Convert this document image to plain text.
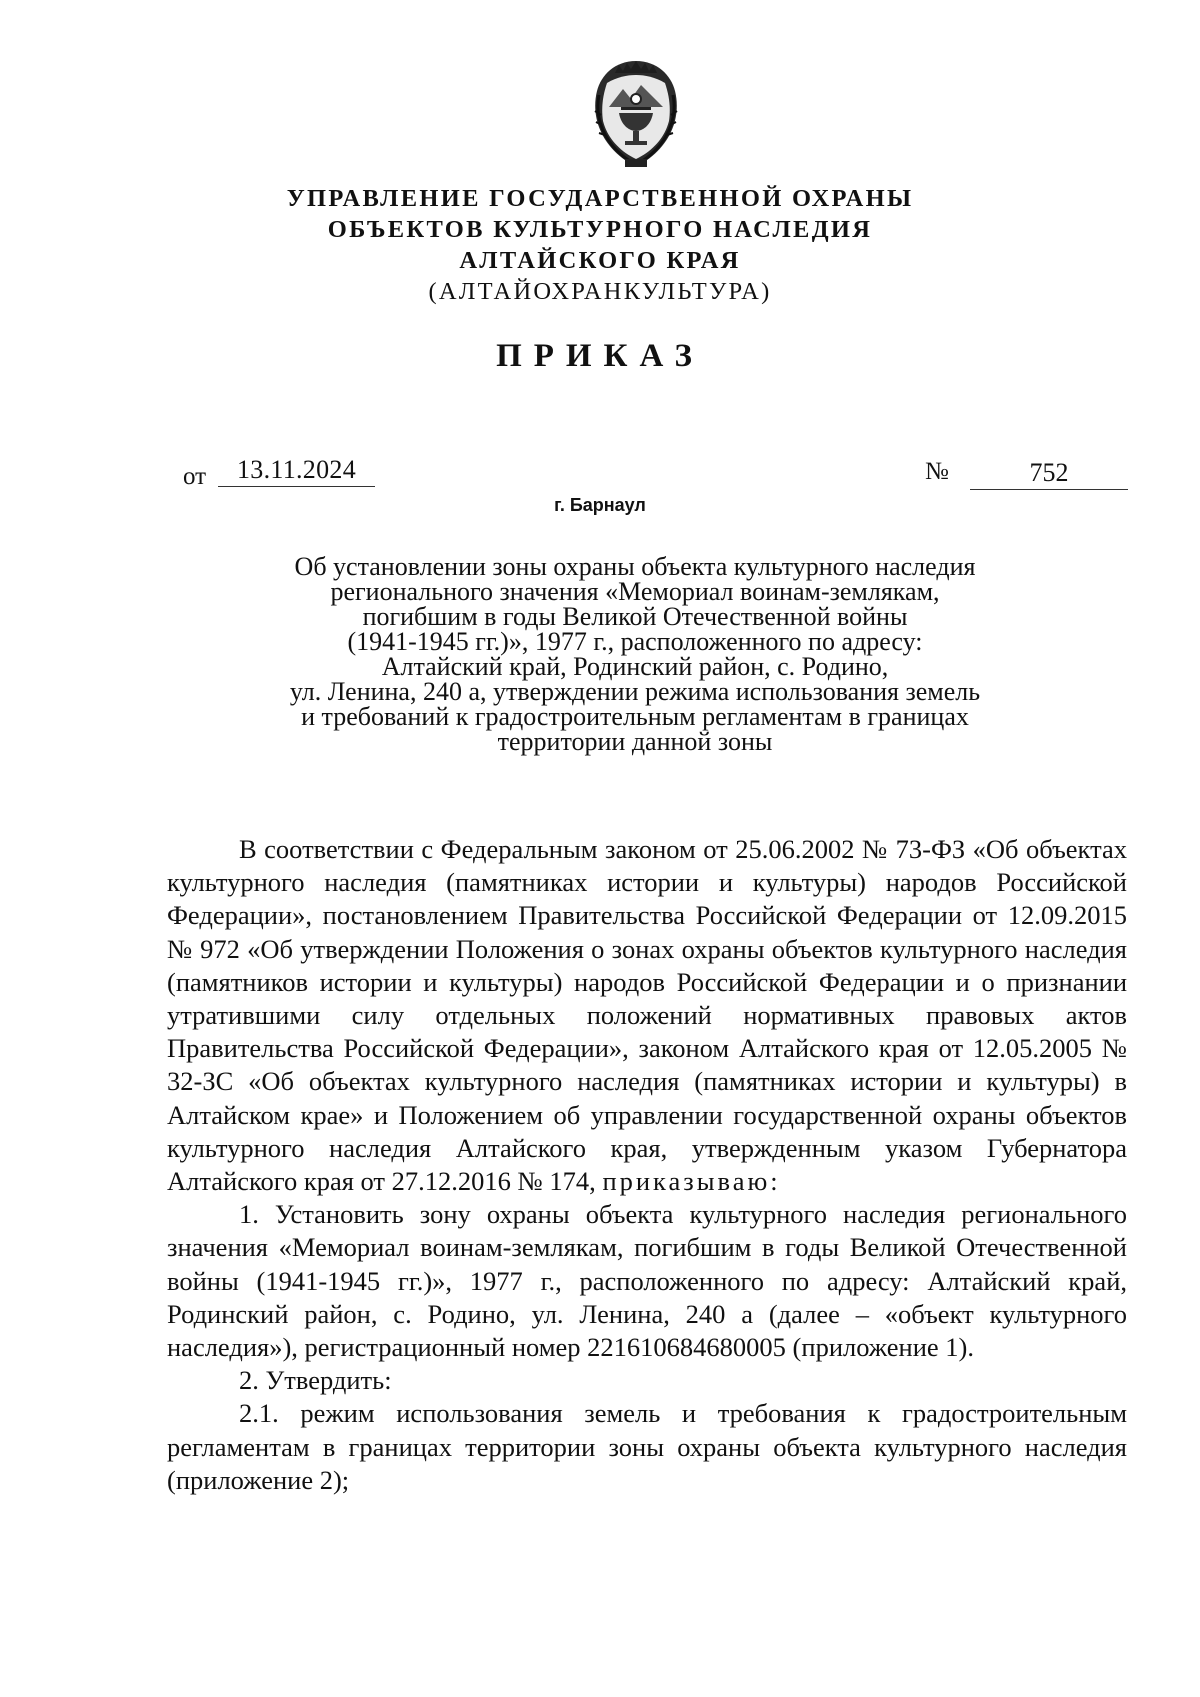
УПРАВЛЕНИЕ ГОСУДАРСТВЕННОЙ ОХРАНЫ
ОБЪЕКТОВ КУЛЬТУРНОГО НАСЛЕДИЯ
АЛТАЙСКОГО КРАЯ
(АЛТАЙОХРАНКУЛЬТУРА)
ПРИКАЗ
от	13.11.2024	№	752
г. Барнаул
Об установлении зоны охраны объекта культурного наследия
регионального значения «Мемориал воинам-землякам,
погибшим в годы Великой Отечественной войны
(1941-1945 гг.)», 1977 г., расположенного по адресу:
Алтайский край, Родинский район, с. Родино,
ул. Ленина, 240 а, утверждении режима использования земель
и требований к градостроительным регламентам в границах
территории данной зоны

В соответствии с Федеральным законом от 25.06.2002 № 73-ФЗ «Об объектах культурного наследия (памятниках истории и культуры) народов Российской Федерации», постановлением Правительства Российской Федерации от 12.09.2015 № 972 «Об утверждении Положения о зонах охраны объектов культурного наследия (памятников истории и культуры) народов Российской Федерации и о признании утратившими силу отдельных положений нормативных правовых актов Правительства Российской Федерации», законом Алтайского края от 12.05.2005 № 32-ЗС «Об объектах культурного наследия (памятниках истории и культуры) в Алтайском крае» и Положением об управлении государственной охраны объектов культурного наследия Алтайского края, утвержденным указом Губернатора Алтайского края от 27.12.2016 № 174, приказываю:

1. Установить зону охраны объекта культурного наследия регионального значения «Мемориал воинам-землякам, погибшим в годы Великой Отечественной войны (1941-1945 гг.)», 1977 г., расположенного по адресу: Алтайский край, Родинский район, с. Родино, ул. Ленина, 240 а (далее – «объект культурного наследия»), регистрационный номер 221610684680005 (приложение 1).

2. Утвердить:

2.1. режим использования земель и требования к градостроительным регламентам в границах территории зоны охраны объекта культурного наследия (приложение 2);
